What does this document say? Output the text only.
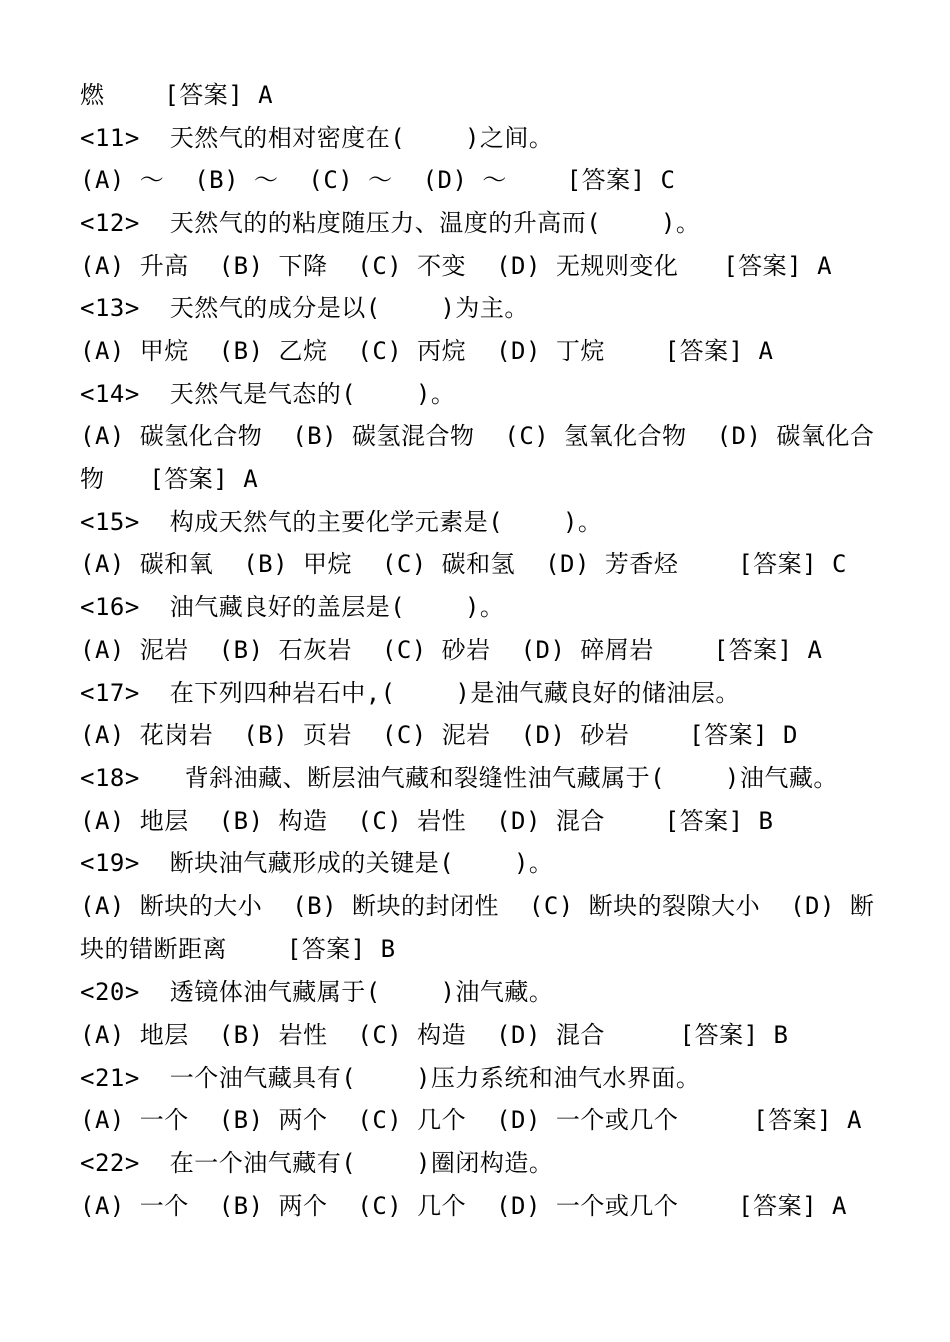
燃    [答案] A
<11>  天然气的相对密度在(    )之间。
(A) ～  (B) ～  (C) ～  (D) ～    [答案] C
<12>  天然气的的粘度随压力、温度的升高而(    )。
(A) 升高  (B) 下降  (C) 不变  (D) 无规则变化   [答案] A
<13>  天然气的成分是以(    )为主。
(A) 甲烷  (B) 乙烷  (C) 丙烷  (D) 丁烷    [答案] A
<14>  天然气是气态的(    )。
(A) 碳氢化合物  (B) 碳氢混合物  (C) 氢氧化合物  (D) 碳氧化合
物   [答案] A
<15>  构成天然气的主要化学元素是(    )。
(A) 碳和氧  (B) 甲烷  (C) 碳和氢  (D) 芳香烃    [答案] C
<16>  油气藏良好的盖层是(    )。
(A) 泥岩  (B) 石灰岩  (C) 砂岩  (D) 碎屑岩    [答案] A
<17>  在下列四种岩石中,(    )是油气藏良好的储油层。
(A) 花岗岩  (B) 页岩  (C) 泥岩  (D) 砂岩    [答案] D
<18>   背斜油藏、断层油气藏和裂缝性油气藏属于(    )油气藏。
(A) 地层  (B) 构造  (C) 岩性  (D) 混合    [答案] B
<19>  断块油气藏形成的关键是(    )。
(A) 断块的大小  (B) 断块的封闭性  (C) 断块的裂隙大小  (D) 断
块的错断距离    [答案] B
<20>  透镜体油气藏属于(    )油气藏。
(A) 地层  (B) 岩性  (C) 构造  (D) 混合     [答案] B
<21>  一个油气藏具有(    )压力系统和油气水界面。
(A) 一个  (B) 两个  (C) 几个  (D) 一个或几个     [答案] A
<22>  在一个油气藏有(    )圈闭构造。
(A) 一个  (B) 两个  (C) 几个  (D) 一个或几个    [答案] A
